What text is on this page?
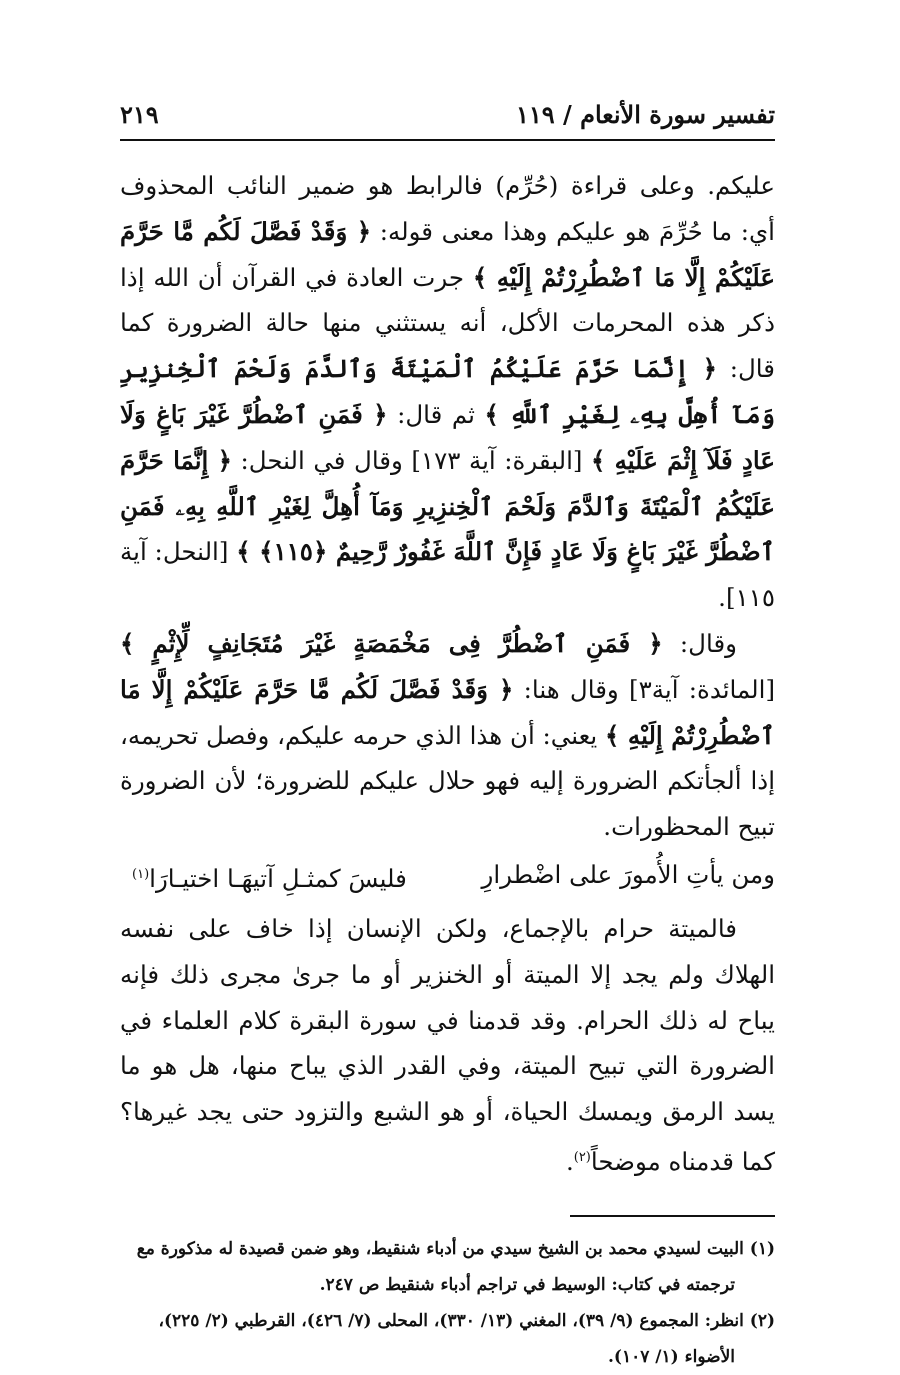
تفسير سورة الأنعام / ١١٩
٢١٩

عليكم. وعلى قراءة (حُرِّم) فالرابط هو ضمير النائب المحذوف أي: ما حُرِّمَ هو عليكم وهذا معنى قوله: ﴿ وَقَدْ فَصَّلَ لَكُم مَّا حَرَّمَ عَلَيْكُمْ إِلَّا مَا ٱضْطُرِرْتُمْ إِلَيْهِ ﴾ جرت العادة في القرآن أن الله إذا ذكر هذه المحرمات الأكل، أنه يستثني منها حالة الضرورة كما قال: ﴿ إِنَّمَا حَرَّمَ عَلَيْكُمُ ٱلْمَيْتَةَ وَٱلدَّمَ وَلَحْمَ ٱلْخِنزِيرِ وَمَآ أُهِلَّ بِهِۦ لِغَيْرِ ٱللَّهِ ﴾ ثم قال: ﴿ فَمَنِ ٱضْطُرَّ غَيْرَ بَاغٍ وَلَا عَادٍ فَلَآ إِثْمَ عَلَيْهِ ﴾ [البقرة: آية ١٧٣] وقال في النحل: ﴿ إِنَّمَا حَرَّمَ عَلَيْكُمُ ٱلْمَيْتَةَ وَٱلدَّمَ وَلَحْمَ ٱلْخِنزِيرِ وَمَآ أُهِلَّ لِغَيْرِ ٱللَّهِ بِهِۦ فَمَنِ ٱضْطُرَّ غَيْرَ بَاغٍ وَلَا عَادٍ فَإِنَّ ٱللَّهَ غَفُورٌ رَّحِيمٌ ﴿١١٥﴾ ﴾ [النحل: آية ١١٥].

وقال: ﴿ فَمَنِ ٱضْطُرَّ فِى مَخْمَصَةٍ غَيْرَ مُتَجَانِفٍ لِّإِثْمٍ ﴾ [المائدة: آية٣] وقال هنا: ﴿ وَقَدْ فَصَّلَ لَكُم مَّا حَرَّمَ عَلَيْكُمْ إِلَّا مَا ٱضْطُرِرْتُمْ إِلَيْهِ ﴾ يعني: أن هذا الذي حرمه عليكم، وفصل تحريمه، إذا ألجأتكم الضرورة إليه فهو حلال عليكم للضرورة؛ لأن الضرورة تبيح المحظورات.

ومن يأتِ الأُمورَ على اضْطرارِ
فليسَ كمثـلِ آتيهَـا اختيـارَا$^{(١)}$

فالميتة حرام بالإجماع، ولكن الإنسان إذا خاف على نفسه الهلاك ولم يجد إلا الميتة أو الخنزير أو ما جرىٰ مجرى ذلك فإنه يباح له ذلك الحرام. وقد قدمنا في سورة البقرة كلام العلماء في الضرورة التي تبيح الميتة، وفي القدر الذي يباح منها، هل هو ما يسد الرمق ويمسك الحياة، أو هو الشبع والتزود حتى يجد غيرها؟ كما قدمناه موضحاً$^{(٢)}$.

(١) البيت لسيدي محمد بن الشيخ سيدي من أدباء شنقيط، وهو ضمن قصيدة له مذكورة مع ترجمته في كتاب: الوسيط في تراجم أدباء شنقيط ص ٢٤٧.

(٢) انظر: المجموع (٩/ ٣٩)، المغني (١٣/ ٣٣٠)، المحلى (٧/ ٤٢٦)، القرطبي (٢/ ٢٢٥)، الأضواء (١/ ١٠٧).
